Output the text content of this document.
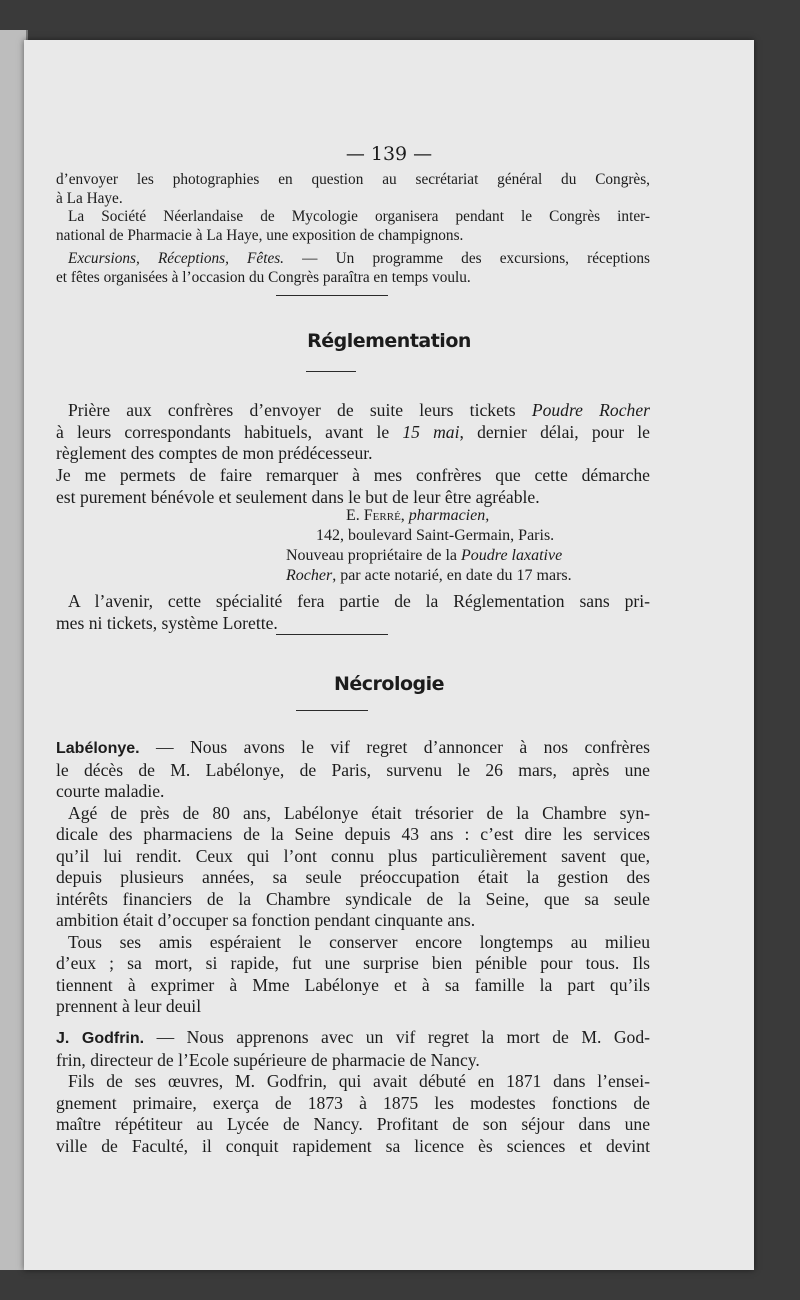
— 139 —
d’envoyer les photographies en question au secrétariat général du Congrès,
à La Haye.
La Société Néerlandaise de Mycologie organisera pendant le Congrès inter-
national de Pharmacie à La Haye, une exposition de champignons.
Excursions, Réceptions, Fêtes. — Un programme des excursions, réceptions
et fêtes organisées à l’occasion du Congrès paraîtra en temps voulu.
Réglementation
Prière aux confrères d’envoyer de suite leurs tickets Poudre Rocher
à leurs correspondants habituels, avant le 15 mai, dernier délai, pour le
règlement des comptes de mon prédécesseur.
Je me permets de faire remarquer à mes confrères que cette démarche
est purement bénévole et seulement dans le but de leur être agréable.
E. Ferré, pharmacien,
142, boulevard Saint-Germain, Paris.
Nouveau propriétaire de la Poudre laxative
Rocher, par acte notarié, en date du 17 mars.
A l’avenir, cette spécialité fera partie de la Réglementation sans pri-
mes ni tickets, système Lorette.
Nécrologie
Labélonye. — Nous avons le vif regret d’annoncer à nos confrères
le décès de M. Labélonye, de Paris, survenu le 26 mars, après une
courte maladie.
Agé de près de 80 ans, Labélonye était trésorier de la Chambre syn-
dicale des pharmaciens de la Seine depuis 43 ans : c’est dire les services
qu’il lui rendit. Ceux qui l’ont connu plus particulièrement savent que,
depuis plusieurs années, sa seule préoccupation était la gestion des
intérêts financiers de la Chambre syndicale de la Seine, que sa seule
ambition était d’occuper sa fonction pendant cinquante ans.
Tous ses amis espéraient le conserver encore longtemps au milieu
d’eux ; sa mort, si rapide, fut une surprise bien pénible pour tous. Ils
tiennent à exprimer à Mme Labélonye et à sa famille la part qu’ils
prennent à leur deuil
J. Godfrin. — Nous apprenons avec un vif regret la mort de M. God-
frin, directeur de l’Ecole supérieure de pharmacie de Nancy.
Fils de ses œuvres, M. Godfrin, qui avait débuté en 1871 dans l’ensei-
gnement primaire, exerça de 1873 à 1875 les modestes fonctions de
maître répétiteur au Lycée de Nancy. Profitant de son séjour dans une
ville de Faculté, il conquit rapidement sa licence ès sciences et devint
